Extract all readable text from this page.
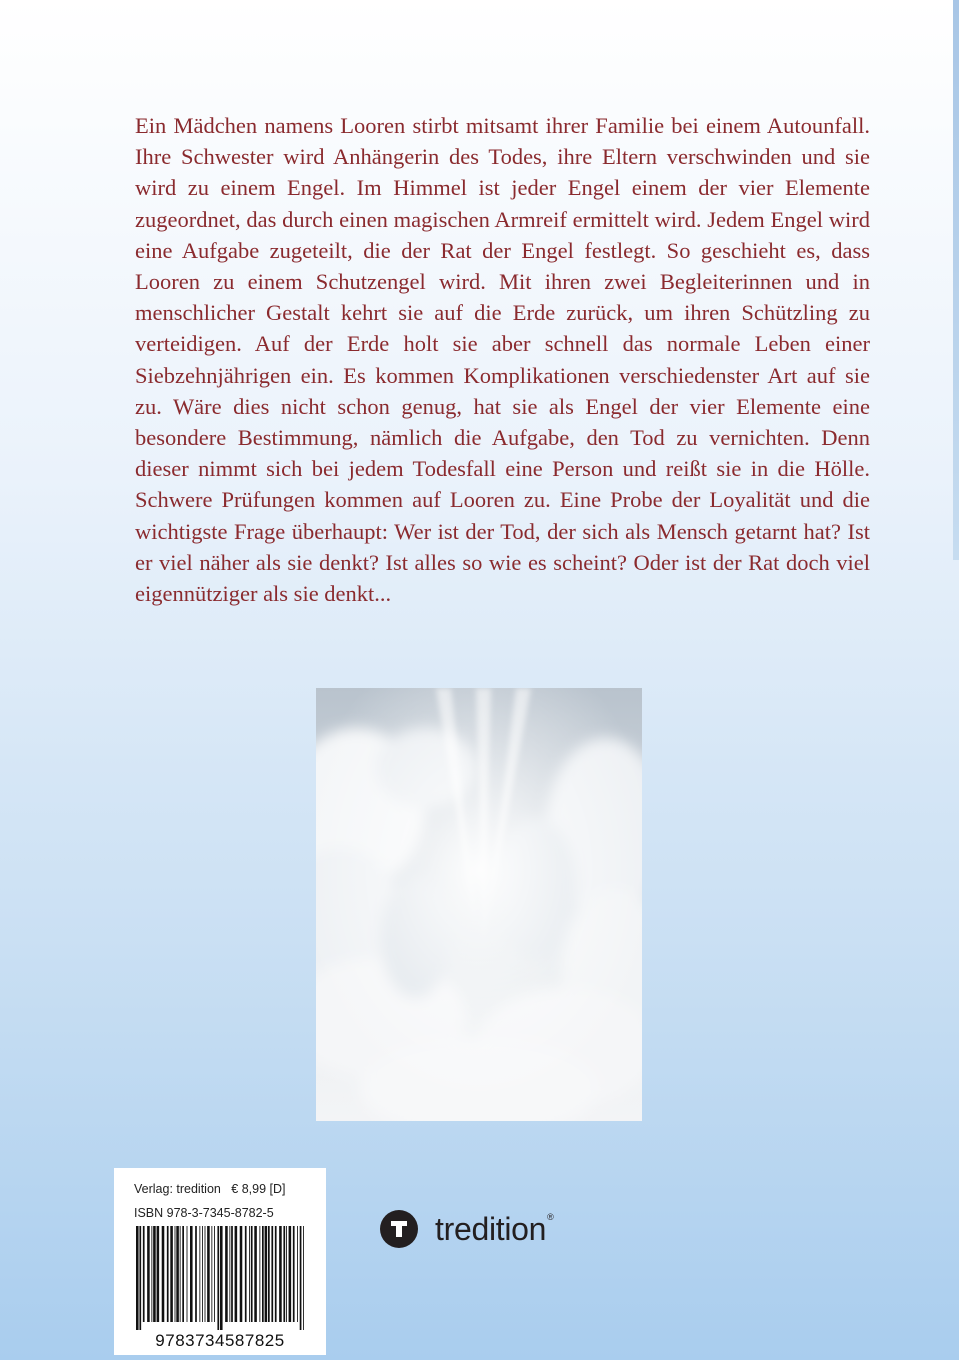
Ein Mädchen namens Looren stirbt mitsamt ihrer Familie bei einem Autounfall. Ihre Schwester wird Anhängerin des Todes, ihre Eltern verschwinden und sie wird zu einem Engel. Im Himmel ist jeder Engel einem der vier Elemente zugeordnet, das durch einen magischen Armreif ermittelt wird. Jedem Engel wird eine Aufgabe zugeteilt, die der Rat der Engel festlegt. So geschieht es, dass Looren zu einem Schutzengel wird. Mit ihren zwei Begleiterinnen und in menschlicher Gestalt kehrt sie auf die Erde zurück, um ihren Schützling zu verteidigen. Auf der Erde holt sie aber schnell das normale Leben einer Siebzehnjährigen ein. Es kommen Komplikationen verschiedenster Art auf sie zu. Wäre dies nicht schon genug, hat sie als Engel der vier Elemente eine besondere Bestimmung, nämlich die Aufgabe, den Tod zu vernichten. Denn dieser nimmt sich bei jedem Todesfall eine Person und reißt sie in die Hölle. Schwere Prüfungen kommen auf Looren zu. Eine Probe der Loyalität und die wichtigste Frage überhaupt: Wer ist der Tod, der sich als Mensch getarnt hat? Ist er viel näher als sie denkt? Ist alles so wie es scheint? Oder ist der Rat doch viel eigennütziger als sie denkt...

Verlag: tredition   € 8,99 [D]
ISBN 978-3-7345-8782-5
9783734587825
tredition®
